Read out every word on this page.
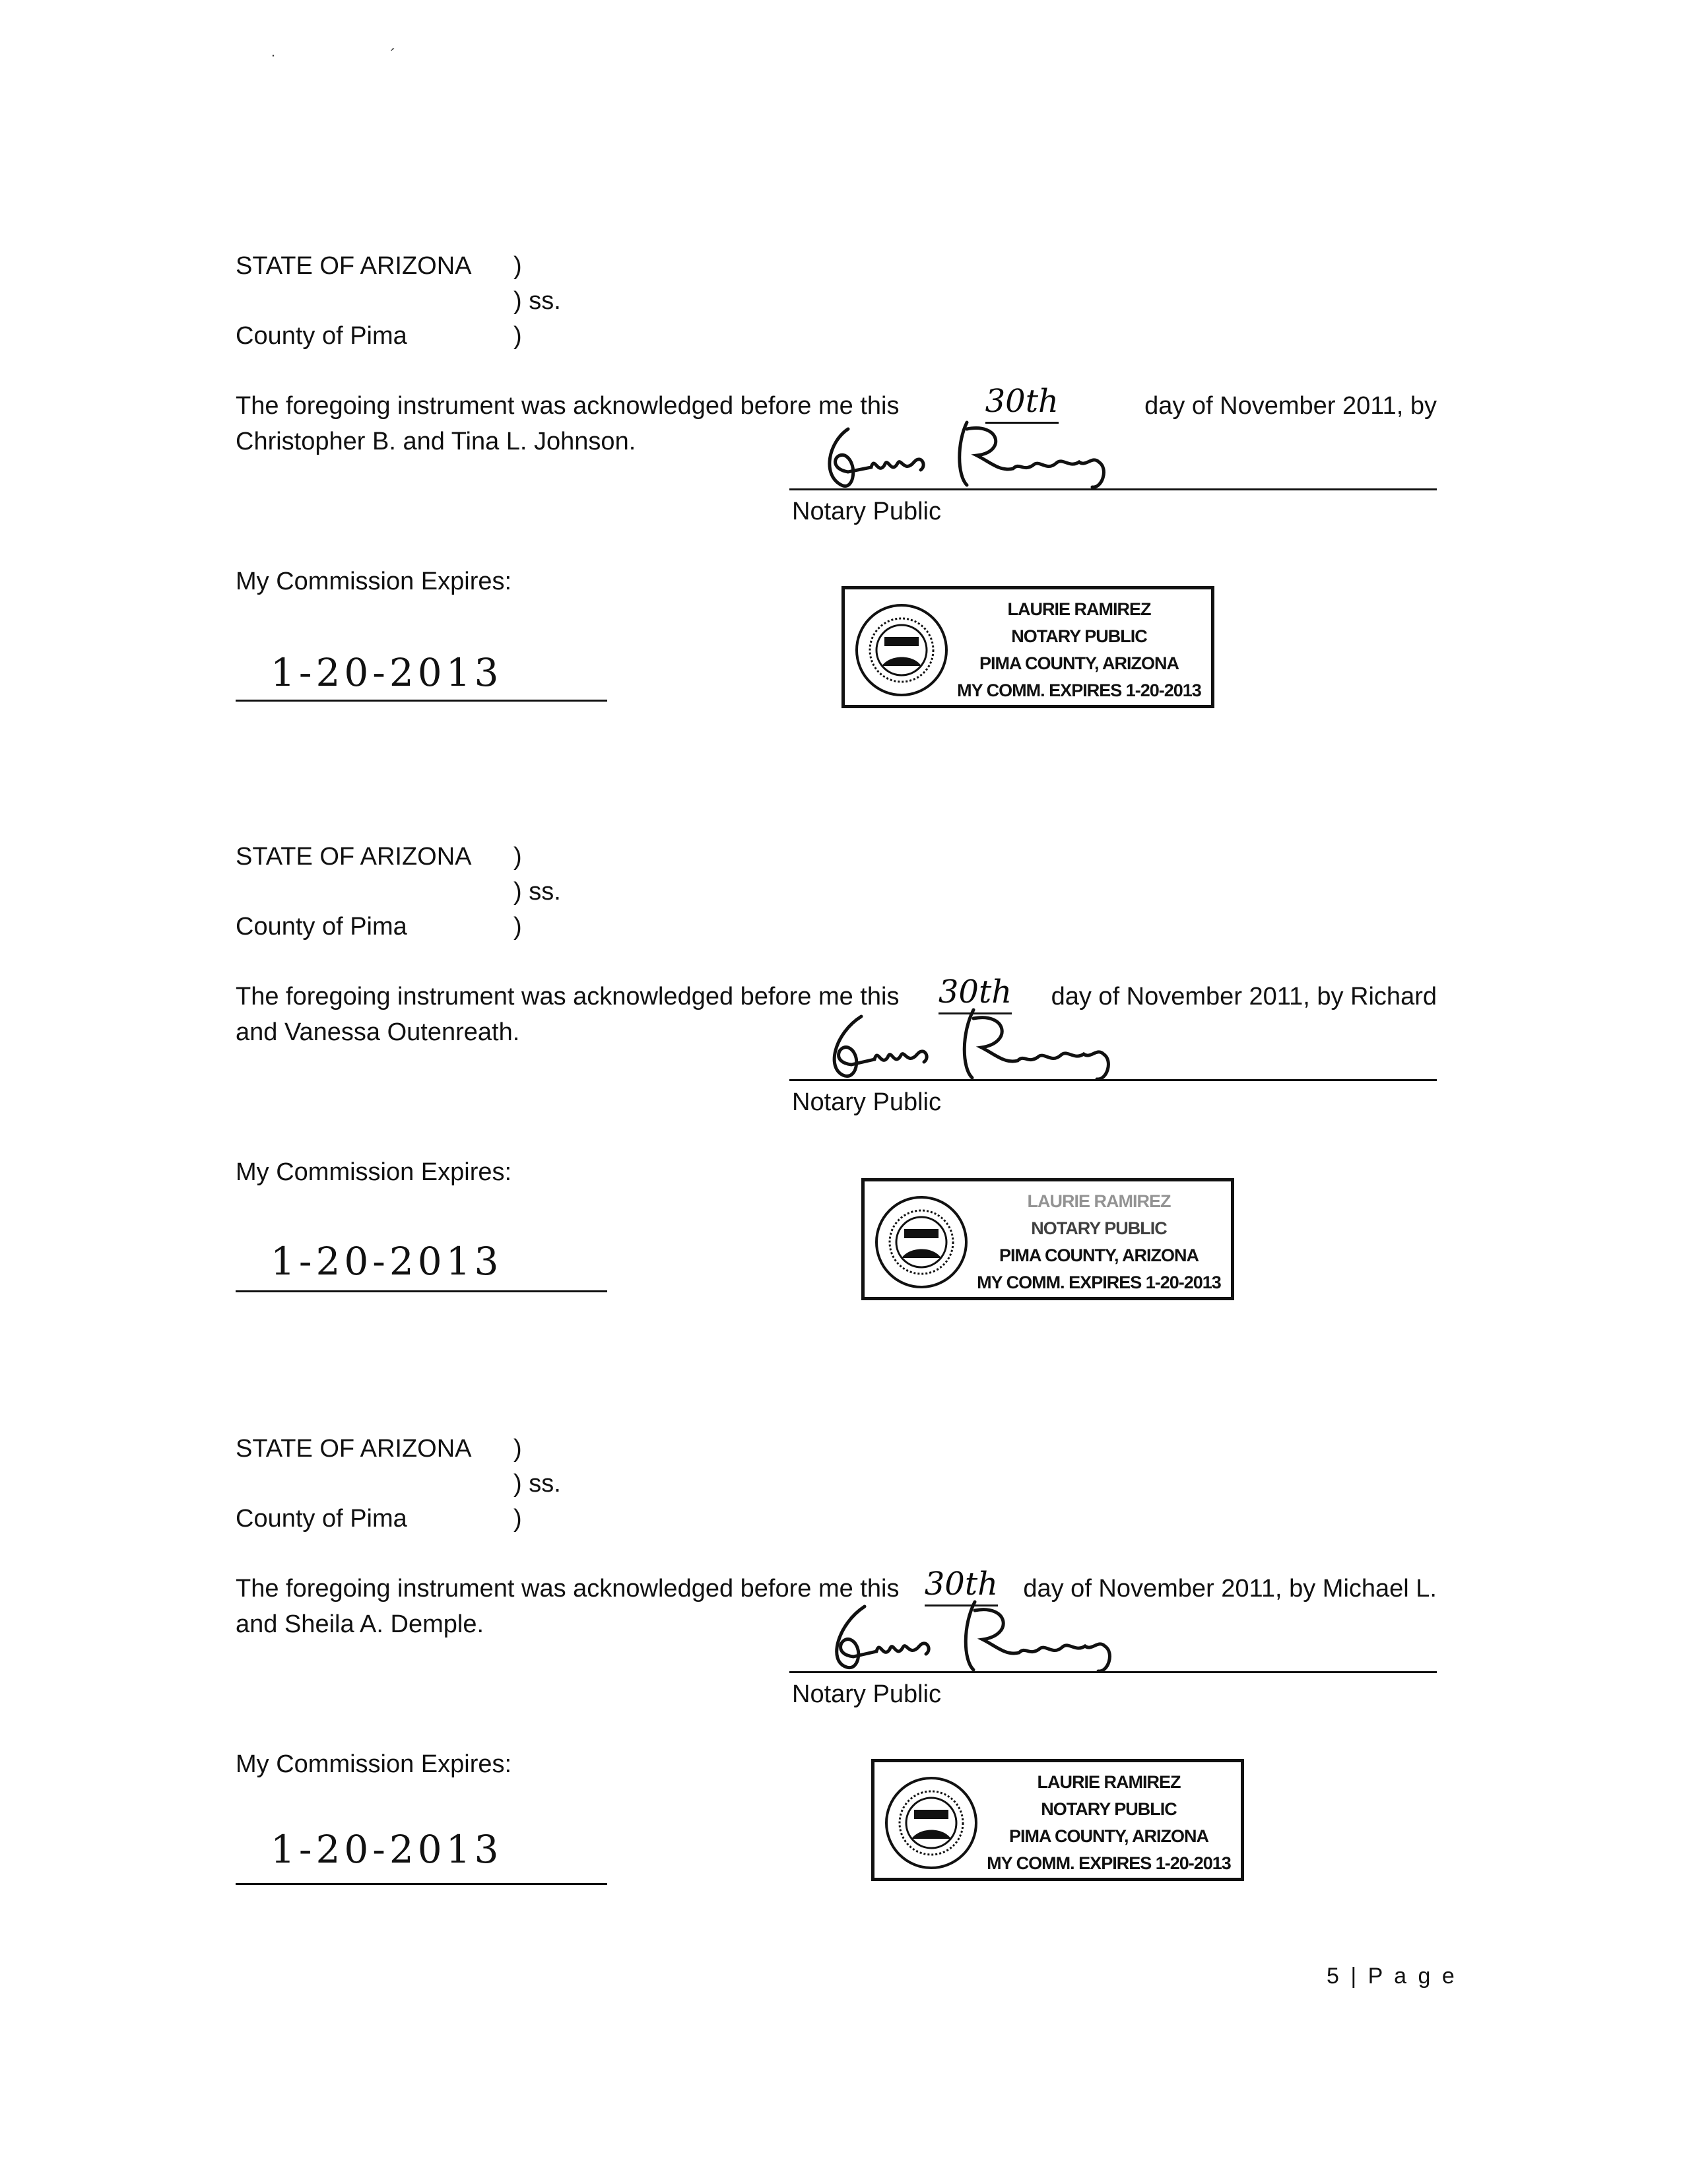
·                          ´
STATE OF ARIZONA )
) ss.
County of Pima	)
The foregoing instrument was acknowledged before me this	30th	day of November 2011, by
Christopher B. and Tina L. Johnson.
Notary Public
My Commission Expires:
1-20-2013
LAURIE RAMIREZ
NOTARY PUBLIC
PIMA COUNTY, ARIZONA
MY COMM. EXPIRES 1-20-2013
STATE OF ARIZONA )
) ss.
County of Pima	)
The foregoing instrument was acknowledged before me this 30th day of November 2011, by Richard
and Vanessa Outenreath.
Notary Public
My Commission Expires:
1-20-2013
LAURIE RAMIREZ
NOTARY PUBLIC
PIMA COUNTY, ARIZONA
MY COMM. EXPIRES 1-20-2013
STATE OF ARIZONA )
) ss.
County of Pima	)
The foregoing instrument was acknowledged before me this 30th day of November 2011, by Michael L.
and Sheila A. Demple.
Notary Public
My Commission Expires:
1-20-2013
LAURIE RAMIREZ
NOTARY PUBLIC
PIMA COUNTY, ARIZONA
MY COMM. EXPIRES 1-20-2013
5 | P a g e
